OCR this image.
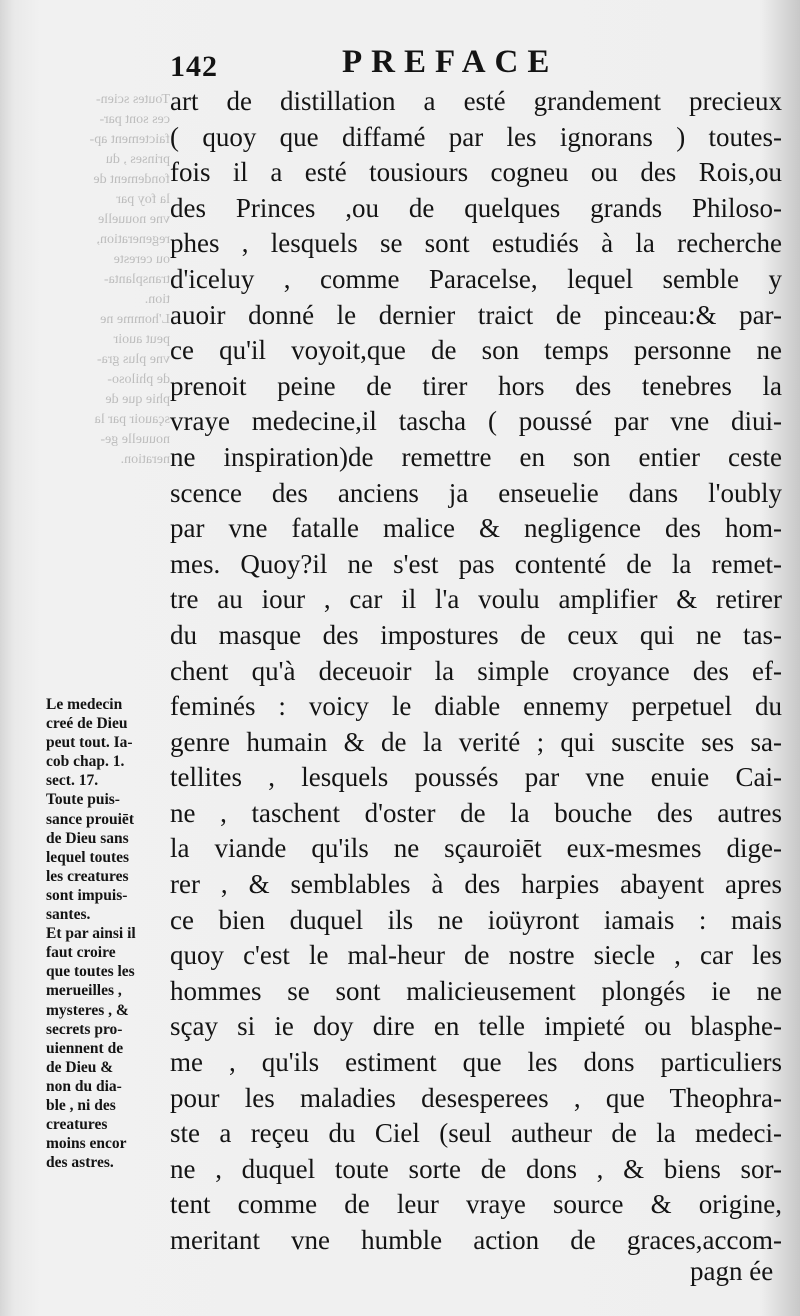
Toutes scien-
ces sont par-
faictement ap-
prinses , du
fondement de
la foy par
vne nouuelle
regeneration,
ou cereste
transplanta-
tion.
L'homme ne
peut auoir
vne plus gra-
de philoso-
phie que de
sçauoir par la
nouuelle ge-
neration.
142	PREFACE
art de distillation a esté grandement precieux
( quoy que diffamé par les ignorans ) toutes-
fois il a esté tousiours cogneu ou des Rois,ou
des Princes ,ou de quelques grands Philoso-
phes , lesquels se sont estudiés à la recherche
d'iceluy , comme Paracelse, lequel semble y
auoir donné le dernier traict de pinceau:& par-
ce qu'il voyoit,que de son temps personne ne
prenoit peine de tirer hors des tenebres la
vraye medecine,il tascha ( poussé par vne diui-
ne inspiration)de remettre en son entier ceste
scence des anciens ja enseuelie dans l'oubly
par vne fatalle malice & negligence des hom-
mes. Quoy?il ne s'est pas contenté de la remet-
tre au iour , car il l'a voulu amplifier & retirer
du masque des impostures de ceux qui ne tas-
chent qu'à deceuoir la simple croyance des ef-
feminés : voicy le diable ennemy perpetuel du
genre humain & de la verité ; qui suscite ses sa-
tellites , lesquels poussés par vne enuie Cai-
ne , taschent d'oster de la bouche des autres
la viande qu'ils ne sçauroiēt eux-mesmes dige-
rer , & semblables à des harpies abayent apres
ce bien duquel ils ne ioüyront iamais : mais
quoy c'est le mal-heur de nostre siecle , car les
hommes se sont malicieusement plongés ie ne
sçay si ie doy dire en telle impieté ou blasphe-
me , qu'ils estiment que les dons particuliers
pour les maladies desesperees , que Theophra-
ste a reçeu du Ciel (seul autheur de la medeci-
ne , duquel toute sorte de dons , & biens sor-
tent comme de leur vraye source & origine,
meritant vne humble action de graces,accom-
pagn ée
Le medecin
creé de Dieu
peut tout. Ia-
cob chap. 1.
sect. 17.
Toute puis-
sance prouiēt
de Dieu sans
lequel toutes
les creatures
sont impuis-
santes.
Et par ainsi il
faut croire
que toutes les
merueilles ,
mysteres , &
secrets pro-
uiennent de
de Dieu &
non du dia-
ble , ni des
creatures
moins encor
des astres.
